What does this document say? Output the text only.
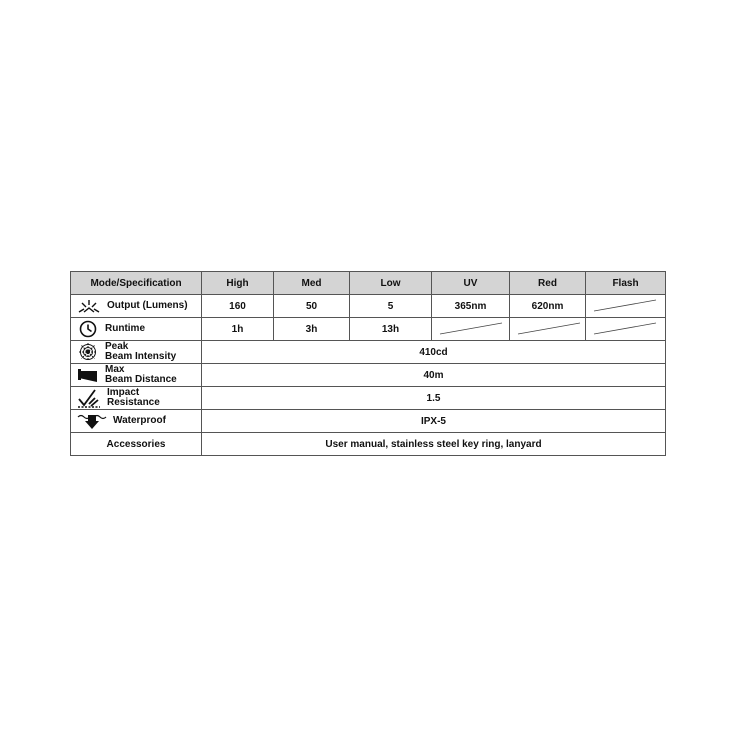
Mode/Specification	High	Med	Low	UV	Red	Flash

Output (Lumens)	160	50	5	365nm	620nm	

Runtime	1h	3h	13h	

Peak
Beam Intensity	410cd					

Max
Beam Distance	40m					

Impact
Resistance	1.5					

Waterproof	IPX-5					
Accessories	User manual, stainless steel key ring, lanyard					
